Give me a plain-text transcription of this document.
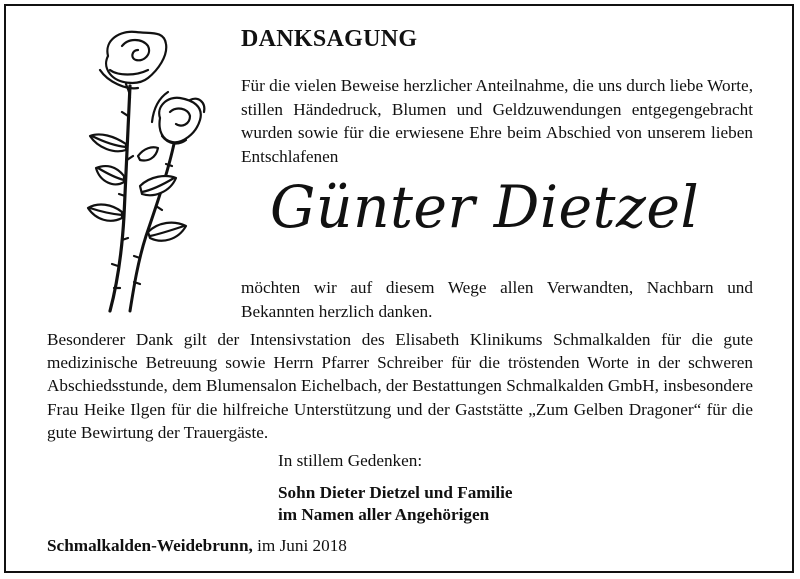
DANKSAGUNG

Für die vielen Beweise herzlicher Anteilnahme, die uns durch liebe Worte, stillen Händedruck, Blumen und Geldzuwendungen entgegengebracht wurden sowie für die erwiesene Ehre beim Abschied von unserem lieben Entschlafenen

Günter Dietzel

möchten wir auf diesem Wege allen Verwandten, Nachbarn und Bekannten herzlich danken.

Besonderer Dank gilt der Intensivstation des Elisabeth Klinikums Schmalkalden für die gute medizinische Betreuung sowie Herrn Pfarrer Schreiber für die tröstenden Worte in der schweren Abschiedsstunde, dem Blumensalon Eichelbach, der Bestattungen Schmalkalden GmbH, insbesondere Frau Heike Ilgen für die hilfreiche Unterstützung und der Gaststätte „Zum Gelben Dragoner“ für die gute Bewirtung der Trauergäste.

In stillem Gedenken:

Sohn Dieter Dietzel und Familie
im Namen aller Angehörigen

Schmalkalden-Weidebrunn, im Juni 2018
